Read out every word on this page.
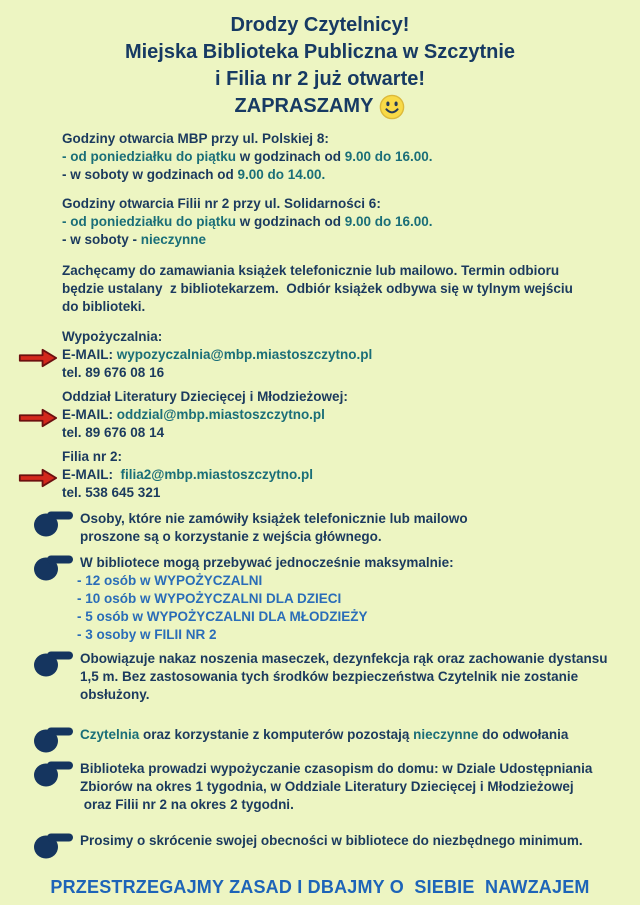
Drodzy Czytelnicy!
Miejska Biblioteka Publiczna w Szczytnie
i Filia nr 2 już otwarte!
ZAPRASZAMY
Godziny otwarcia MBP przy ul. Polskiej 8:
- od poniedziałku do piątku w godzinach od 9.00 do 16.00.
- w soboty w godzinach od 9.00 do 14.00.
Godziny otwarcia Filii nr 2 przy ul. Solidarności 6:
- od poniedziałku do piątku w godzinach od 9.00 do 16.00.
- w soboty - nieczynne
Zachęcamy do zamawiania książek telefonicznie lub mailowo. Termin odbioru
będzie ustalany  z bibliotekarzem.  Odbiór książek odbywa się w tylnym wejściu
do biblioteki.
Wypożyczalnia:
E-MAIL: wypozyczalnia@mbp.miastoszczytno.pl
tel. 89 676 08 16
Oddział Literatury Dziecięcej i Młodzieżowej:
E-MAIL: oddzial@mbp.miastoszczytno.pl
tel. 89 676 08 14
Filia nr 2:
E-MAIL:  filia2@mbp.miastoszczytno.pl
tel. 538 645 321
Osoby, które nie zamówiły książek telefonicznie lub mailowo
proszone są o korzystanie z wejścia głównego.
W bibliotece mogą przebywać jednocześnie maksymalnie:
- 12 osób w WYPOŻYCZALNI
- 10 osób w WYPOŻYCZALNI DLA DZIECI
- 5 osób w WYPOŻYCZALNI DLA MŁODZIEŻY
- 3 osoby w FILII NR 2
Obowiązuje nakaz noszenia maseczek, dezynfekcja rąk oraz zachowanie dystansu
1,5 m. Bez zastosowania tych środków bezpieczeństwa Czytelnik nie zostanie
obsłużony.
Czytelnia oraz korzystanie z komputerów pozostają nieczynne do odwołania
Biblioteka prowadzi wypożyczanie czasopism do domu: w Dziale Udostępniania
Zbiorów na okres 1 tygodnia, w Oddziale Literatury Dziecięcej i Młodzieżowej
oraz Filii nr 2 na okres 2 tygodni.
Prosimy o skrócenie swojej obecności w bibliotece do niezbędnego minimum.
PRZESTRZEGAJMY ZASAD I DBAJMY O  SIEBIE  NAWZAJEM
